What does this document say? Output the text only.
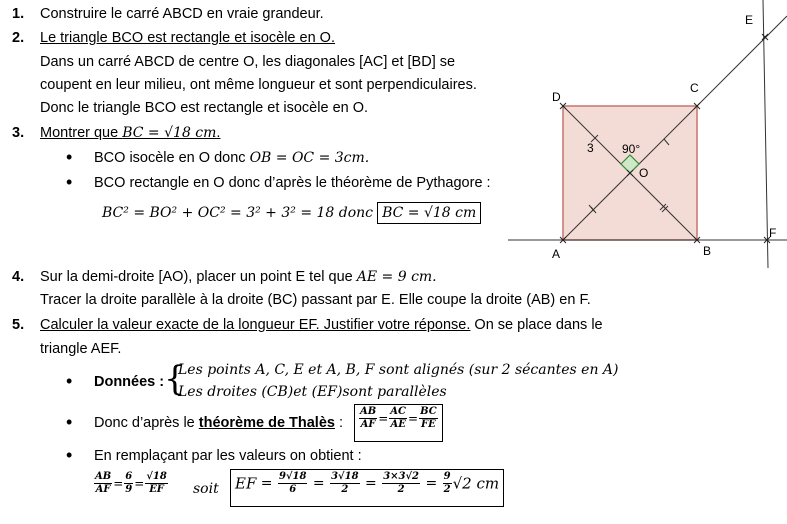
1. Construire le carré ABCD en vraie grandeur.
2. Le triangle BCO est rectangle et isocèle en O.
Dans un carré ABCD de centre O, les diagonales [AC] et [BD] se
coupent en leur milieu, ont même longueur et sont perpendiculaires.
Donc le triangle BCO est rectangle et isocèle en O.
3. Montrer que BC = √18 cm.
• BCO isocèle en O donc OB = OC = 3cm.
• BCO rectangle en O donc d’après le théorème de Pythagore :
BC² = BO² + OC² = 3² + 3² = 18 donc BC = √18 cm
A	B
C
D
E
F
O
3 90°
4. Sur la demi-droite [AO), placer un point E tel que AE = 9 cm.
Tracer la droite parallèle à la droite (BC) passant par E. Elle coupe la droite (AB) en F.
5. Calculer la valeur exacte de la longueur EF. Justifier votre réponse. On se place dans le
triangle AEF.
• Données : {
Les points A, C, E et A, B, F sont alignés (sur 2 sécantes en A)
Les droites (CB)et (EF)sont parallèles
• Donc d’après le théorème de Thalès : $\frac{AB}{AF} = \frac{AC}{AE} = \frac{BC}{FE}$
• En remplaçant par les valeurs on obtient :
$\frac{AB}{AF} = \frac{6}{9} = \frac{√18}{EF}$ soit	EF = $\frac{9√18}{6} = \frac{3√18}{2} = \frac{3\times 3√2}{2} = \frac{9}{2} √2$ cm
